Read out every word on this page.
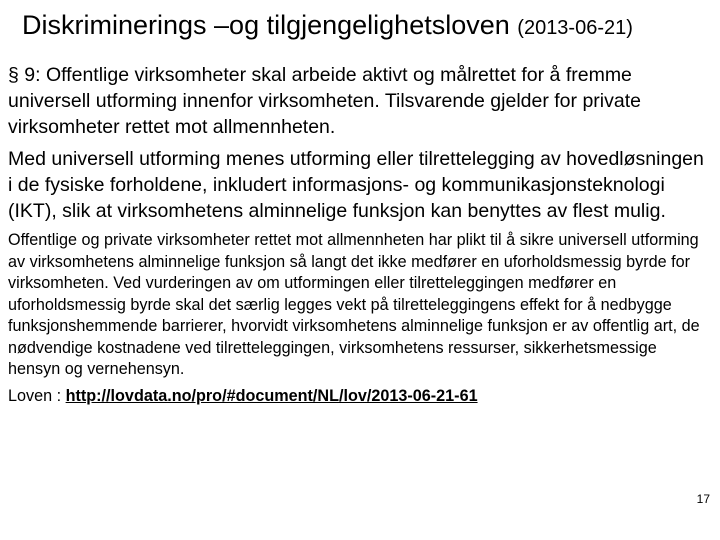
Diskriminerings –og tilgjengelighetsloven (2013-06-21)

§ 9: Offentlige virksomheter skal arbeide aktivt og målrettet for å fremme universell utforming innenfor virksomheten. Tilsvarende gjelder for private virksomheter rettet mot allmennheten.

Med universell utforming menes utforming eller tilrettelegging av hovedløsningen i de fysiske forholdene, inkludert informasjons- og kommunikasjonsteknologi (IKT), slik at virksomhetens alminnelige funksjon kan benyttes av flest mulig.

Offentlige og private virksomheter rettet mot allmennheten har plikt til å sikre universell utforming av virksomhetens alminnelige funksjon så langt det ikke medfører en uforholdsmessig byrde for virksomheten. Ved vurderingen av om utformingen eller tilretteleggingen medfører en uforholdsmessig byrde skal det særlig legges vekt på tilretteleggingens effekt for å nedbygge funksjonshemmende barrierer, hvorvidt virksomhetens alminnelige funksjon er av offentlig art, de nødvendige kostnadene ved tilretteleggingen, virksomhetens ressurser, sikkerhetsmessige hensyn og vernehensyn.

Loven : http://lovdata.no/pro/#document/NL/lov/2013-06-21-61

17
